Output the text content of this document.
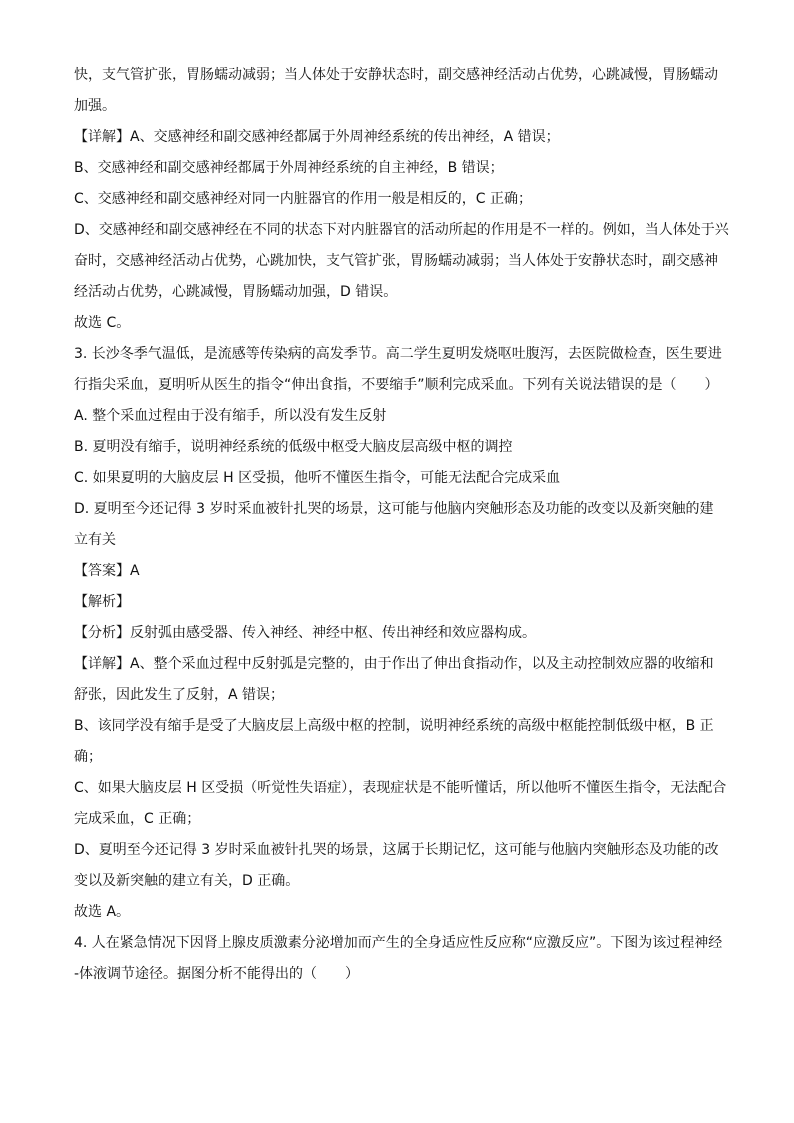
快，支气管扩张，胃肠蠕动减弱；当人体处于安静状态时，副交感神经活动占优势，心跳减慢，胃肠蠕动

加强。

【详解】A、交感神经和副交感神经都属于外周神经系统的传出神经，A 错误；

B、交感神经和副交感神经都属于外周神经系统的自主神经，B 错误；

C、交感神经和副交感神经对同一内脏器官的作用一般是相反的，C 正确；

D、交感神经和副交感神经在不同的状态下对内脏器官的活动所起的作用是不一样的。例如，当人体处于兴

奋时，交感神经活动占优势，心跳加快，支气管扩张，胃肠蠕动减弱；当人体处于安静状态时，副交感神

经活动占优势，心跳减慢，胃肠蠕动加强，D 错误。

故选 C。

3. 长沙冬季气温低，是流感等传染病的高发季节。高二学生夏明发烧呕吐腹泻，去医院做检查，医生要进

行指尖采血，夏明听从医生的指令“伸出食指，不要缩手”顺利完成采血。下列有关说法错误的是（　　）

A. 整个采血过程由于没有缩手，所以没有发生反射

B. 夏明没有缩手，说明神经系统的低级中枢受大脑皮层高级中枢的调控

C. 如果夏明的大脑皮层 H 区受损，他听不懂医生指令，可能无法配合完成采血

D. 夏明至今还记得 3 岁时采血被针扎哭的场景，这可能与他脑内突触形态及功能的改变以及新突触的建

立有关

【答案】A

【解析】

【分析】反射弧由感受器、传入神经、神经中枢、传出神经和效应器构成。

【详解】A、整个采血过程中反射弧是完整的，由于作出了伸出食指动作，以及主动控制效应器的收缩和

舒张，因此发生了反射，A 错误；

B、该同学没有缩手是受了大脑皮层上高级中枢的控制，说明神经系统的高级中枢能控制低级中枢，B 正

确；

C、如果大脑皮层 H 区受损（听觉性失语症），表现症状是不能听懂话，所以他听不懂医生指令，无法配合

完成采血，C 正确；

D、夏明至今还记得 3 岁时采血被针扎哭的场景，这属于长期记忆，这可能与他脑内突触形态及功能的改

变以及新突触的建立有关，D 正确。

故选 A。

4. 人在紧急情况下因肾上腺皮质激素分泌增加而产生的全身适应性反应称“应激反应”。下图为该过程神经

-体液调节途径。据图分析不能得出的（　　）
